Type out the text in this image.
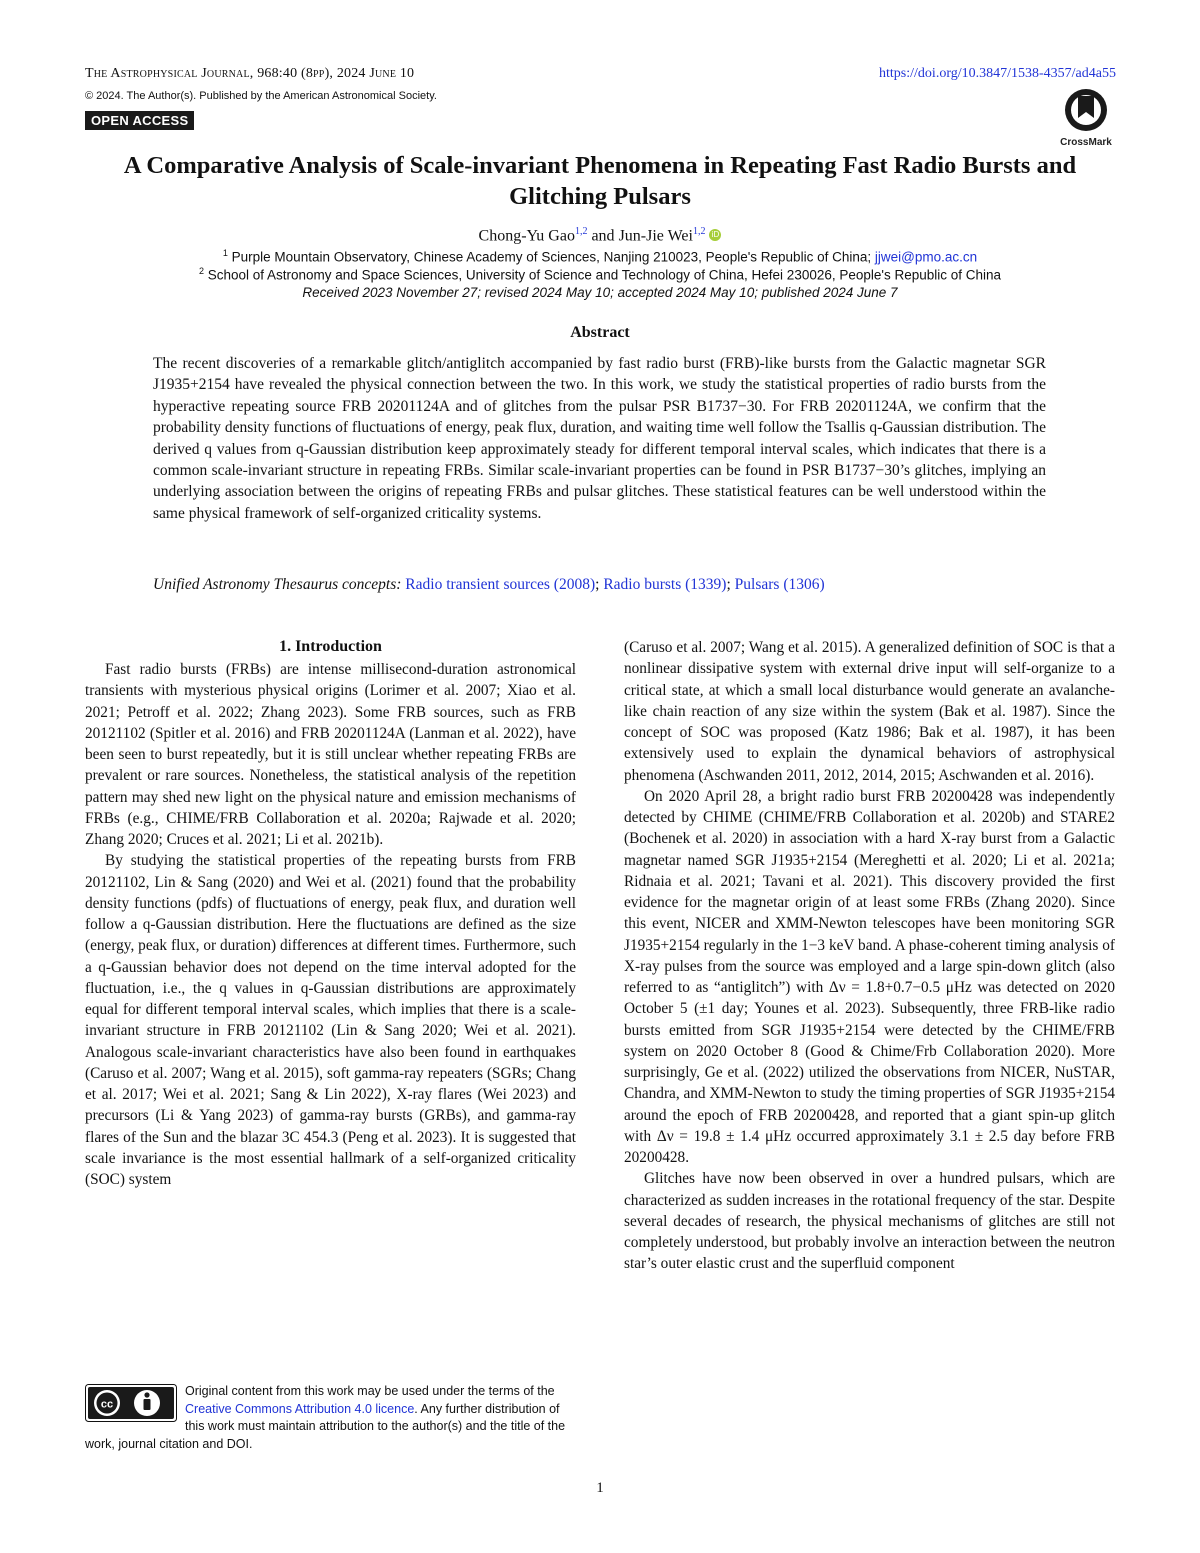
The Astrophysical Journal, 968:40 (8pp), 2024 June 10	https://doi.org/10.3847/1538-4357/ad4a55
© 2024. The Author(s). Published by the American Astronomical Society.
OPEN ACCESS
CrossMark
A Comparative Analysis of Scale-invariant Phenomena in Repeating Fast Radio Bursts and Glitching Pulsars
Chong-Yu Gao$^{1,2}$ and Jun-Jie Wei$^{1,2}$ iD
$^1$ Purple Mountain Observatory, Chinese Academy of Sciences, Nanjing 210023, People's Republic of China; jjwei@pmo.ac.cn
$^2$ School of Astronomy and Space Sciences, University of Science and Technology of China, Hefei 230026, People's Republic of China
Received 2023 November 27; revised 2024 May 10; accepted 2024 May 10; published 2024 June 7
Abstract
The recent discoveries of a remarkable glitch/antiglitch accompanied by fast radio burst (FRB)-like bursts from the Galactic magnetar SGR J1935+2154 have revealed the physical connection between the two. In this work, we study the statistical properties of radio bursts from the hyperactive repeating source FRB 20201124A and of glitches from the pulsar PSR B1737−30. For FRB 20201124A, we confirm that the probability density functions of fluctuations of energy, peak flux, duration, and waiting time well follow the Tsallis q-Gaussian distribution. The derived q values from q-Gaussian distribution keep approximately steady for different temporal interval scales, which indicates that there is a common scale-invariant structure in repeating FRBs. Similar scale-invariant properties can be found in PSR B1737−30’s glitches, implying an underlying association between the origins of repeating FRBs and pulsar glitches. These statistical features can be well understood within the same physical framework of self-organized criticality systems.
Unified Astronomy Thesaurus concepts: Radio transient sources (2008); Radio bursts (1339); Pulsars (1306)
1. Introduction

Fast radio bursts (FRBs) are intense millisecond-duration astronomical transients with mysterious physical origins (Lorimer et al. 2007; Xiao et al. 2021; Petroff et al. 2022; Zhang 2023). Some FRB sources, such as FRB 20121102 (Spitler et al. 2016) and FRB 20201124A (Lanman et al. 2022), have been seen to burst repeatedly, but it is still unclear whether repeating FRBs are prevalent or rare sources. Nonetheless, the statistical analysis of the repetition pattern may shed new light on the physical nature and emission mechanisms of FRBs (e.g., CHIME/FRB Collaboration et al. 2020a; Rajwade et al. 2020; Zhang 2020; Cruces et al. 2021; Li et al. 2021b).

By studying the statistical properties of the repeating bursts from FRB 20121102, Lin & Sang (2020) and Wei et al. (2021) found that the probability density functions (pdfs) of fluctuations of energy, peak flux, and duration well follow a q-Gaussian distribution. Here the fluctuations are defined as the size (energy, peak flux, or duration) differences at different times. Furthermore, such a q-Gaussian behavior does not depend on the time interval adopted for the fluctuation, i.e., the q values in q-Gaussian distributions are approximately equal for different temporal interval scales, which implies that there is a scale-invariant structure in FRB 20121102 (Lin & Sang 2020; Wei et al. 2021). Analogous scale-invariant characteristics have also been found in earthquakes (Caruso et al. 2007; Wang et al. 2015), soft gamma-ray repeaters (SGRs; Chang et al. 2017; Wei et al. 2021; Sang & Lin 2022), X-ray flares (Wei 2023) and precursors (Li & Yang 2023) of gamma-ray bursts (GRBs), and gamma-ray flares of the Sun and the blazar 3C 454.3 (Peng et al. 2023). It is suggested that scale invariance is the most essential hallmark of a self-organized criticality (SOC) system

(Caruso et al. 2007; Wang et al. 2015). A generalized definition of SOC is that a nonlinear dissipative system with external drive input will self-organize to a critical state, at which a small local disturbance would generate an avalanche-like chain reaction of any size within the system (Bak et al. 1987). Since the concept of SOC was proposed (Katz 1986; Bak et al. 1987), it has been extensively used to explain the dynamical behaviors of astrophysical phenomena (Aschwanden 2011, 2012, 2014, 2015; Aschwanden et al. 2016).

On 2020 April 28, a bright radio burst FRB 20200428 was independently detected by CHIME (CHIME/FRB Collaboration et al. 2020b) and STARE2 (Bochenek et al. 2020) in association with a hard X-ray burst from a Galactic magnetar named SGR J1935+2154 (Mereghetti et al. 2020; Li et al. 2021a; Ridnaia et al. 2021; Tavani et al. 2021). This discovery provided the first evidence for the magnetar origin of at least some FRBs (Zhang 2020). Since this event, NICER and XMM-Newton telescopes have been monitoring SGR J1935+2154 regularly in the 1−3 keV band. A phase-coherent timing analysis of X-ray pulses from the source was employed and a large spin-down glitch (also referred to as “antiglitch”) with Δν = 1.8+0.7−0.5 μHz was detected on 2020 October 5 (±1 day; Younes et al. 2023). Subsequently, three FRB-like radio bursts emitted from SGR J1935+2154 were detected by the CHIME/FRB system on 2020 October 8 (Good & Chime/Frb Collaboration 2020). More surprisingly, Ge et al. (2022) utilized the observations from NICER, NuSTAR, Chandra, and XMM-Newton to study the timing properties of SGR J1935+2154 around the epoch of FRB 20200428, and reported that a giant spin-up glitch with Δν = 19.8 ± 1.4 μHz occurred approximately 3.1 ± 2.5 day before FRB 20200428.

Glitches have now been observed in over a hundred pulsars, which are characterized as sudden increases in the rotational frequency of the star. Despite several decades of research, the physical mechanisms of glitches are still not completely understood, but probably involve an interaction between the neutron star’s outer elastic crust and the superfluid component

cc
Original content from this work may be used under the terms of the Creative Commons Attribution 4.0 licence. Any further distribution of this work must maintain attribution to the author(s) and the title of the work, journal citation and DOI.
1
